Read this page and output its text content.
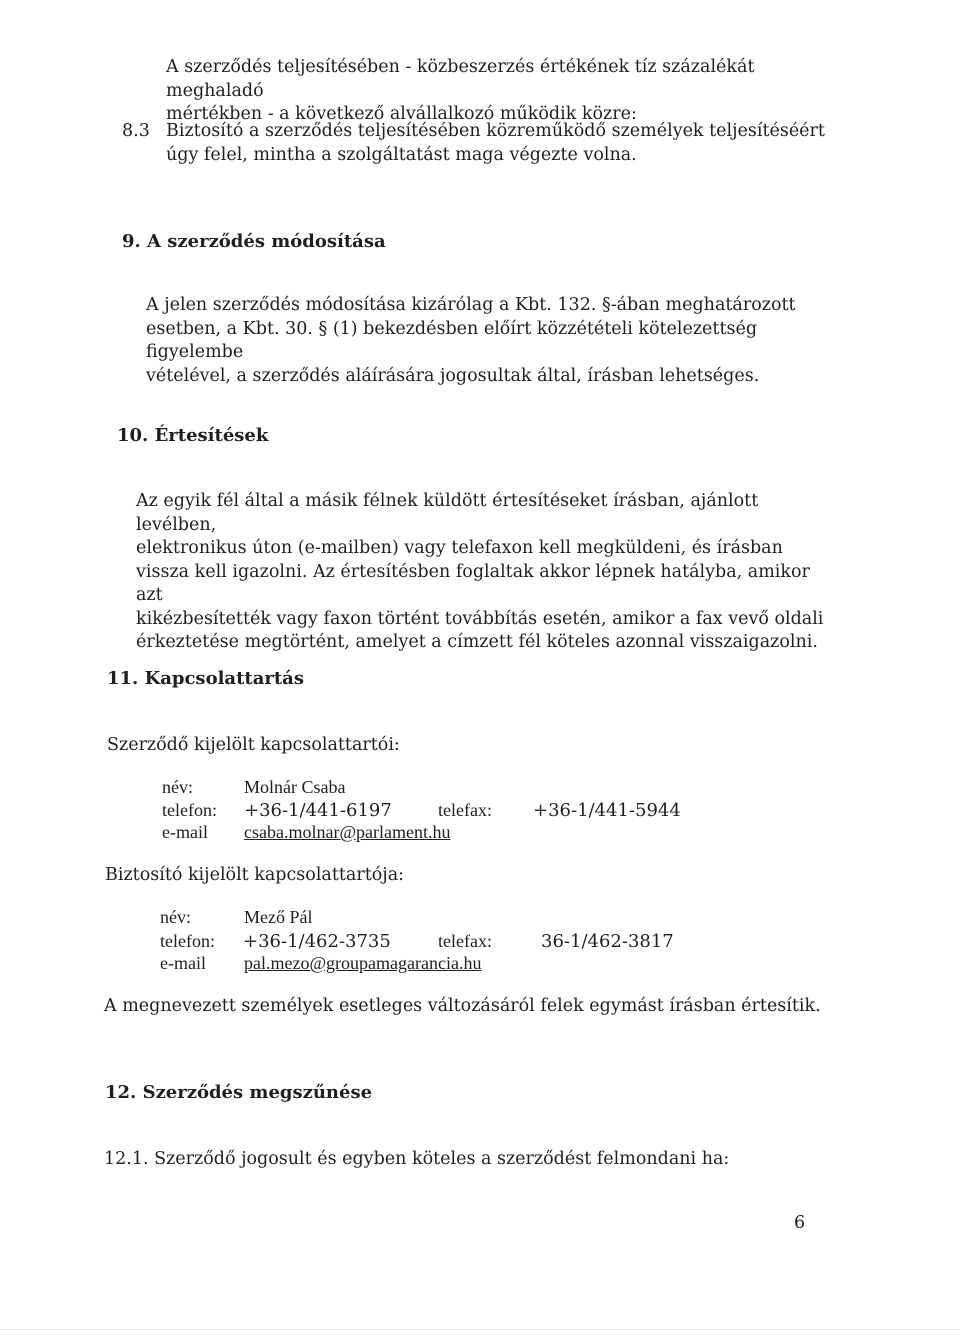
A szerződés teljesítésében - közbeszerzés értékének tíz százalékát meghaladó
mértékben - a következő alvállalkozó működik közre:
8.3 Biztosító a szerződés teljesítésében közreműködő személyek teljesítéséért
úgy felel, mintha a szolgáltatást maga végezte volna.
9. A szerződés módosítása
A jelen szerződés módosítása kizárólag a Kbt. 132. §-ában meghatározott
esetben, a Kbt. 30. § (1) bekezdésben előírt közzétételi kötelezettség figyelembe
vételével, a szerződés aláírására jogosultak által, írásban lehetséges.
10. Értesítések
Az egyik fél által a másik félnek küldött értesítéseket írásban, ajánlott levélben,
elektronikus úton (e-mailben) vagy telefaxon kell megküldeni, és írásban
vissza kell igazolni. Az értesítésben foglaltak akkor lépnek hatályba, amikor azt
kikézbesítették vagy faxon történt továbbítás esetén, amikor a fax vevő oldali
érkeztetése megtörtént, amelyet a címzett fél köteles azonnal visszaigazolni.
11. Kapcsolattartás
Szerződő kijelölt kapcsolattartói:
név:	Molnár Csaba
telefon: +36-1/441-6197	telefax: +36-1/441-5944
e-mail csaba.molnar@parlament.hu
Biztosító kijelölt kapcsolattartója:
név:	Mező Pál
telefon: +36-1/462-3735	telefax:	36-1/462-3817
e-mail pal.mezo@groupamagarancia.hu
A megnevezett személyek esetleges változásáról felek egymást írásban értesítik.
12. Szerződés megszűnése
12.1. Szerződő jogosult és egyben köteles a szerződést felmondani ha:
6
